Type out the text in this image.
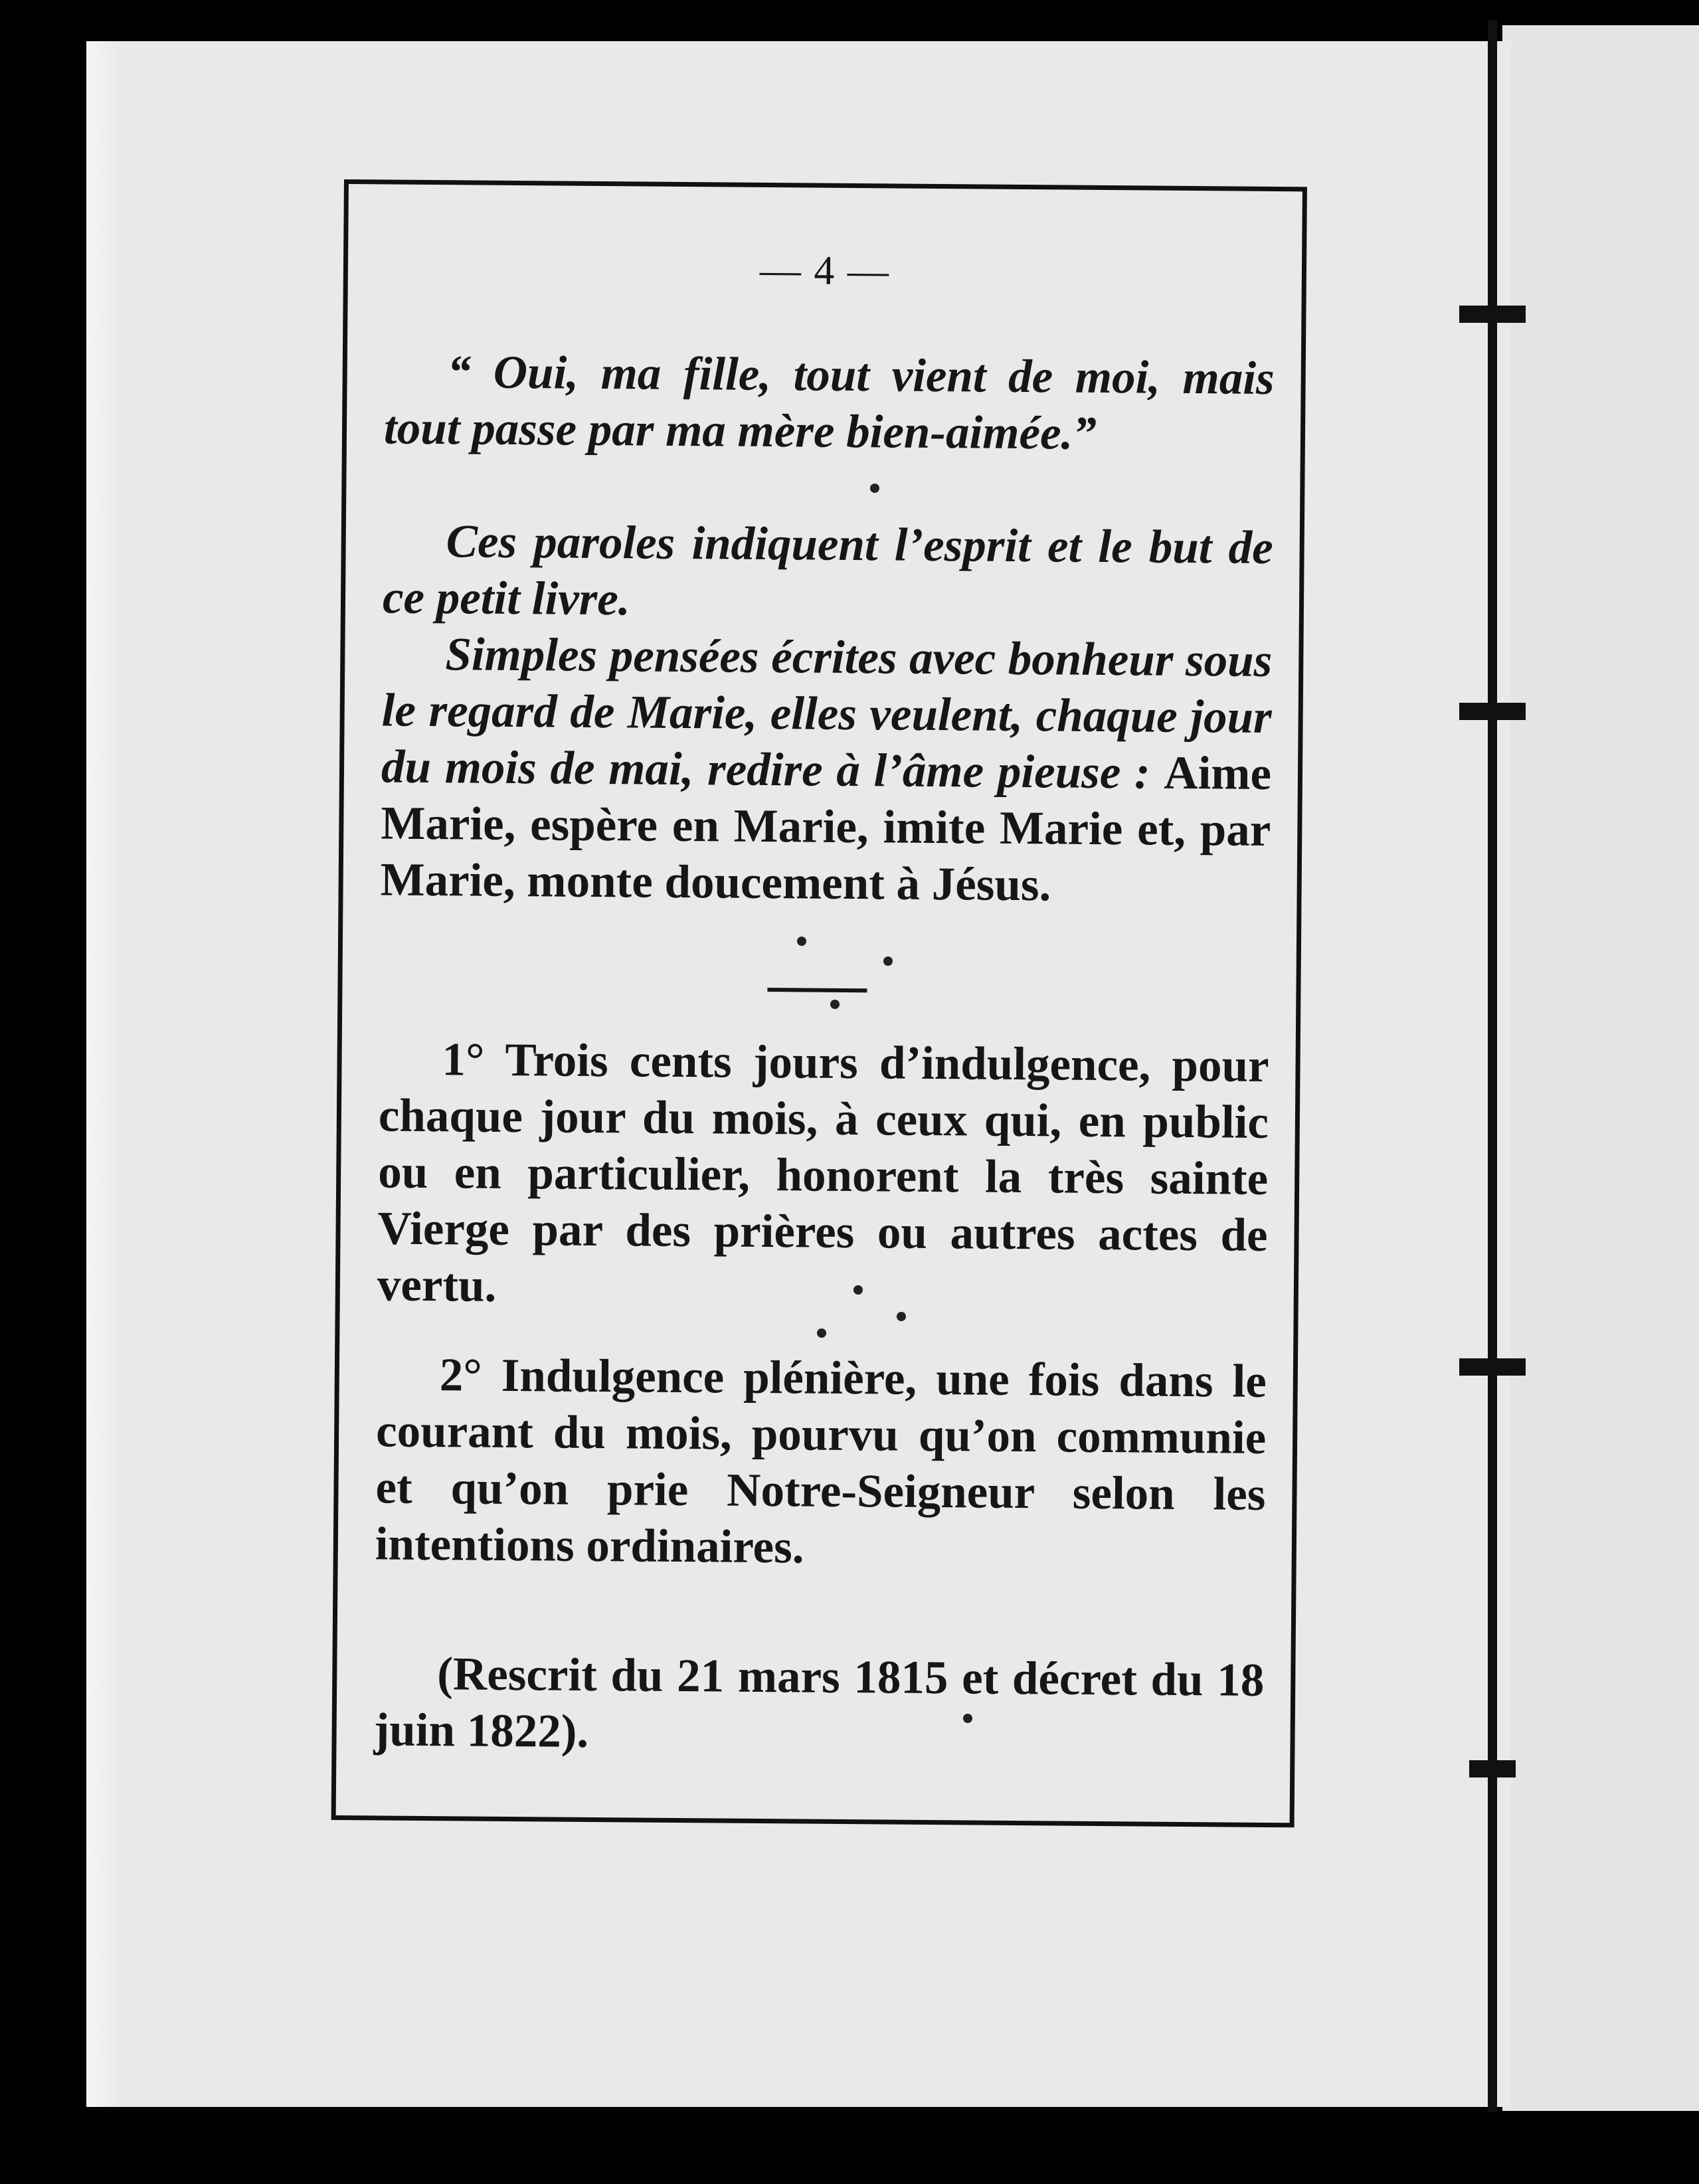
— 4 —

“ Oui, ma fille, tout vient de moi, mais tout passe par ma mère bien-aimée.”

Ces paroles indiquent l’esprit et le but de ce petit livre.

Simples pensées écrites avec bonheur sous le regard de Marie, elles veulent, chaque jour du mois de mai, redire à l’âme pieuse : Aime Marie, espère en Marie, imite Marie et, par Marie, monte doucement à Jésus.

1° Trois cents jours d’indulgence, pour chaque jour du mois, à ceux qui, en public ou en particulier, honorent la très sainte Vierge par des prières ou autres actes de vertu.

2° Indulgence plénière, une fois dans le courant du mois, pourvu qu’on communie et qu’on prie Notre-Seigneur selon les intentions ordinaires.

(Rescrit du 21 mars 1815 et décret du 18 juin 1822).
